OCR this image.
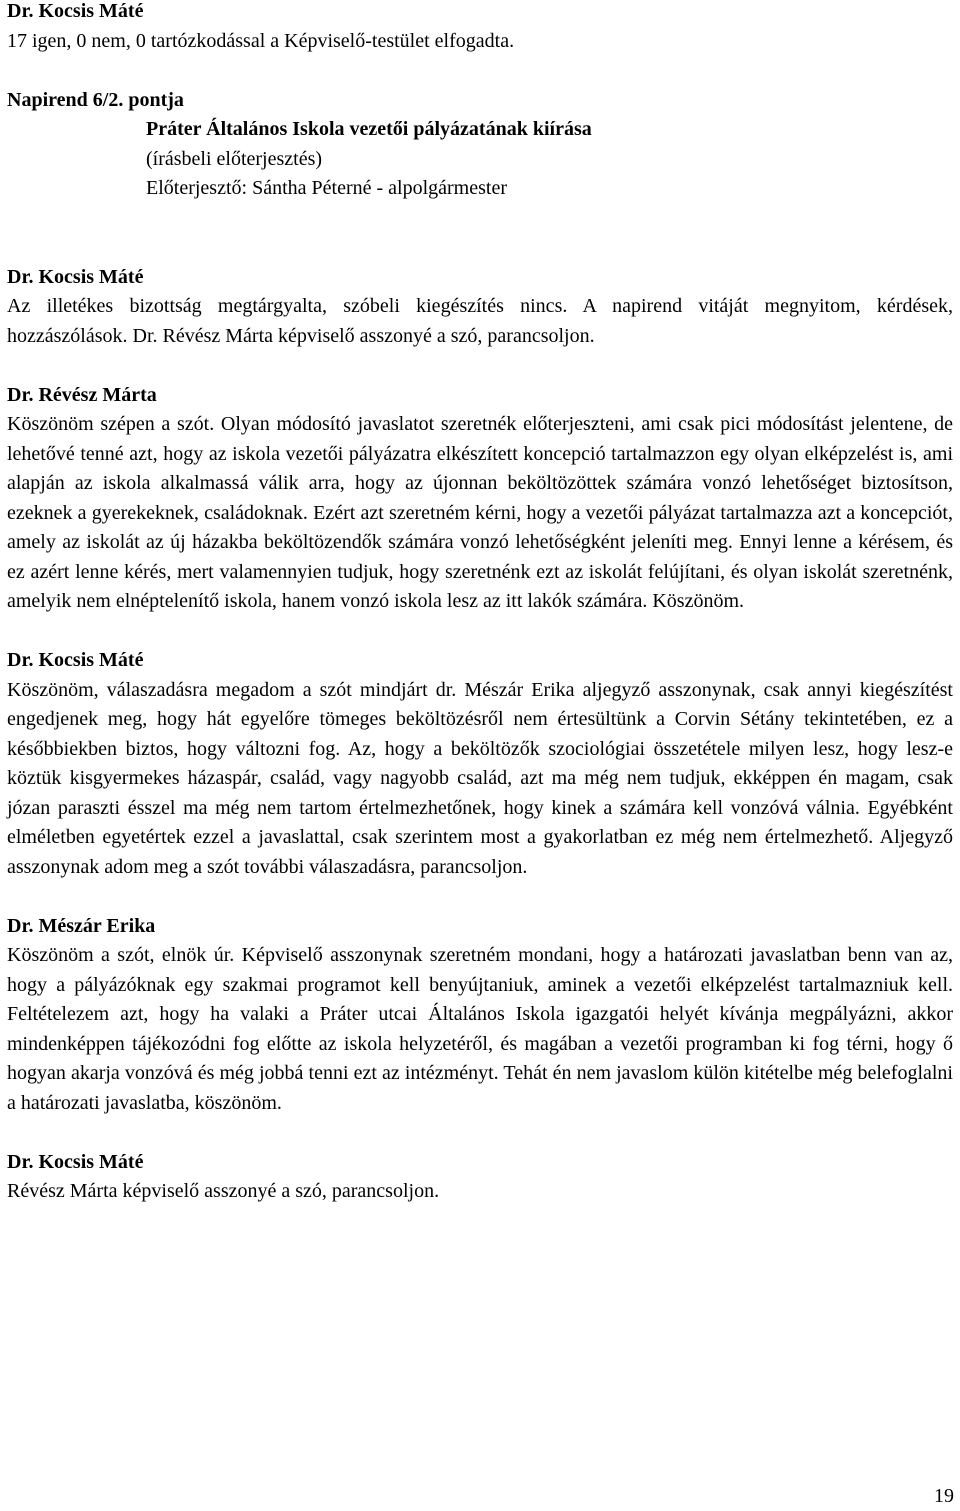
Dr. Kocsis Máté

17 igen, 0 nem, 0 tartózkodással a Képviselő-testület elfogadta.

Napirend 6/2. pontja

Práter Általános Iskola vezetői pályázatának kiírása

(írásbeli előterjesztés)

Előterjesztő: Sántha Péterné - alpolgármester

Dr. Kocsis Máté

Az illetékes bizottság megtárgyalta, szóbeli kiegészítés nincs. A napirend vitáját megnyitom, kérdések, hozzászólások. Dr. Révész Márta képviselő asszonyé a szó, parancsoljon.

Dr. Révész Márta

Köszönöm szépen a szót. Olyan módosító javaslatot szeretnék előterjeszteni, ami csak pici módosítást jelentene, de lehetővé tenné azt, hogy az iskola vezetői pályázatra elkészített koncepció tartalmazzon egy olyan elképzelést is, ami alapján az iskola alkalmassá válik arra, hogy az újonnan beköltözöttek számára vonzó lehetőséget biztosítson, ezeknek a gyerekeknek, családoknak. Ezért azt szeretném kérni, hogy a vezetői pályázat tartalmazza azt a koncepciót, amely az iskolát az új házakba beköltözendők számára vonzó lehetőségként jeleníti meg. Ennyi lenne a kérésem, és ez azért lenne kérés, mert valamennyien tudjuk, hogy szeretnénk ezt az iskolát felújítani, és olyan iskolát szeretnénk, amelyik nem elnéptelenítő iskola, hanem vonzó iskola lesz az itt lakók számára. Köszönöm.

Dr. Kocsis Máté

Köszönöm, válaszadásra megadom a szót mindjárt dr. Mészár Erika aljegyző asszonynak, csak annyi kiegészítést engedjenek meg, hogy hát egyelőre tömeges beköltözésről nem értesültünk a Corvin Sétány tekintetében, ez a későbbiekben biztos, hogy változni fog. Az, hogy a beköltözők szociológiai összetétele milyen lesz, hogy lesz-e köztük kisgyermekes házaspár, család, vagy nagyobb család, azt ma még nem tudjuk, ekképpen én magam, csak józan paraszti ésszel ma még nem tartom értelmezhetőnek, hogy kinek a számára kell vonzóvá válnia. Egyébként elméletben egyetértek ezzel a javaslattal, csak szerintem most a gyakorlatban ez még nem értelmezhető. Aljegyző asszonynak adom meg a szót további válaszadásra, parancsoljon.

Dr. Mészár Erika

Köszönöm a szót, elnök úr. Képviselő asszonynak szeretném mondani, hogy a határozati javaslatban benn van az, hogy a pályázóknak egy szakmai programot kell benyújtaniuk, aminek a vezetői elképzelést tartalmazniuk kell. Feltételezem azt, hogy ha valaki a Práter utcai Általános Iskola igazgatói helyét kívánja megpályázni, akkor mindenképpen tájékozódni fog előtte az iskola helyzetéről, és magában a vezetői programban ki fog térni, hogy ő hogyan akarja vonzóvá és még jobbá tenni ezt az intézményt. Tehát én nem javaslom külön kitételbe még belefoglalni a határozati javaslatba, köszönöm.

Dr. Kocsis Máté

Révész Márta képviselő asszonyé a szó, parancsoljon.

19
